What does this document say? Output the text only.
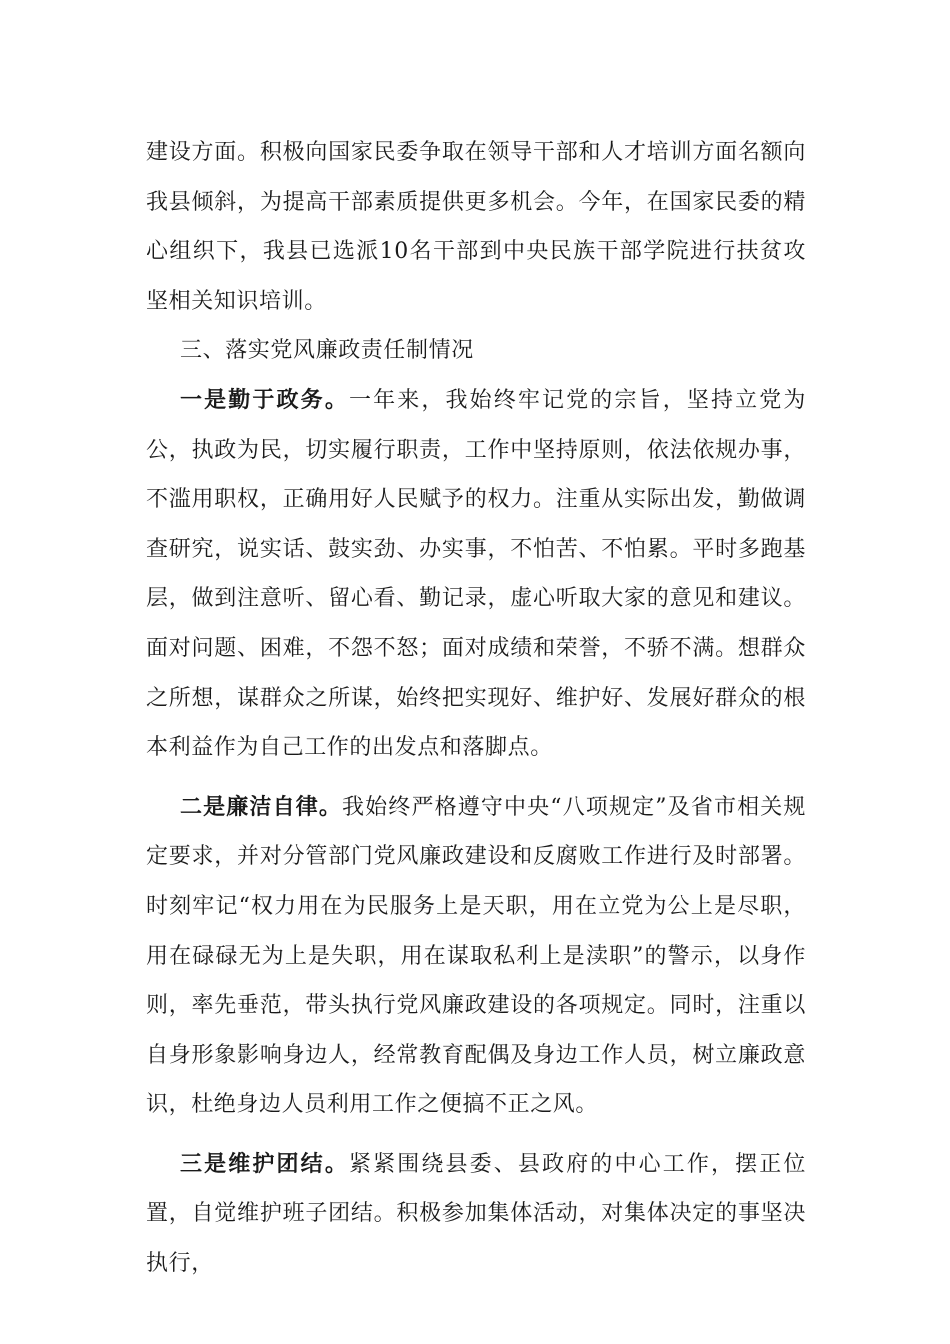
建设方面。积极向国家民委争取在领导干部和人才培训方面名额向我县倾斜，为提高干部素质提供更多机会。今年，在国家民委的精心组织下，我县已选派10名干部到中央民族干部学院进行扶贫攻坚相关知识培训。

三、落实党风廉政责任制情况

一是勤于政务。一年来，我始终牢记党的宗旨，坚持立党为公，执政为民，切实履行职责，工作中坚持原则，依法依规办事，不滥用职权，正确用好人民赋予的权力。注重从实际出发，勤做调查研究，说实话、鼓实劲、办实事，不怕苦、不怕累。平时多跑基层，做到注意听、留心看、勤记录，虚心听取大家的意见和建议。面对问题、困难，不怨不怒；面对成绩和荣誉，不骄不满。想群众之所想，谋群众之所谋，始终把实现好、维护好、发展好群众的根本利益作为自己工作的出发点和落脚点。

二是廉洁自律。我始终严格遵守中央“八项规定”及省市相关规定要求，并对分管部门党风廉政建设和反腐败工作进行及时部署。时刻牢记“权力用在为民服务上是天职，用在立党为公上是尽职，用在碌碌无为上是失职，用在谋取私利上是渎职”的警示，以身作则，率先垂范，带头执行党风廉政建设的各项规定。同时，注重以自身形象影响身边人，经常教育配偶及身边工作人员，树立廉政意识，杜绝身边人员利用工作之便搞不正之风。

三是维护团结。紧紧围绕县委、县政府的中心工作，摆正位置，自觉维护班子团结。积极参加集体活动，对集体决定的事坚决执行，
